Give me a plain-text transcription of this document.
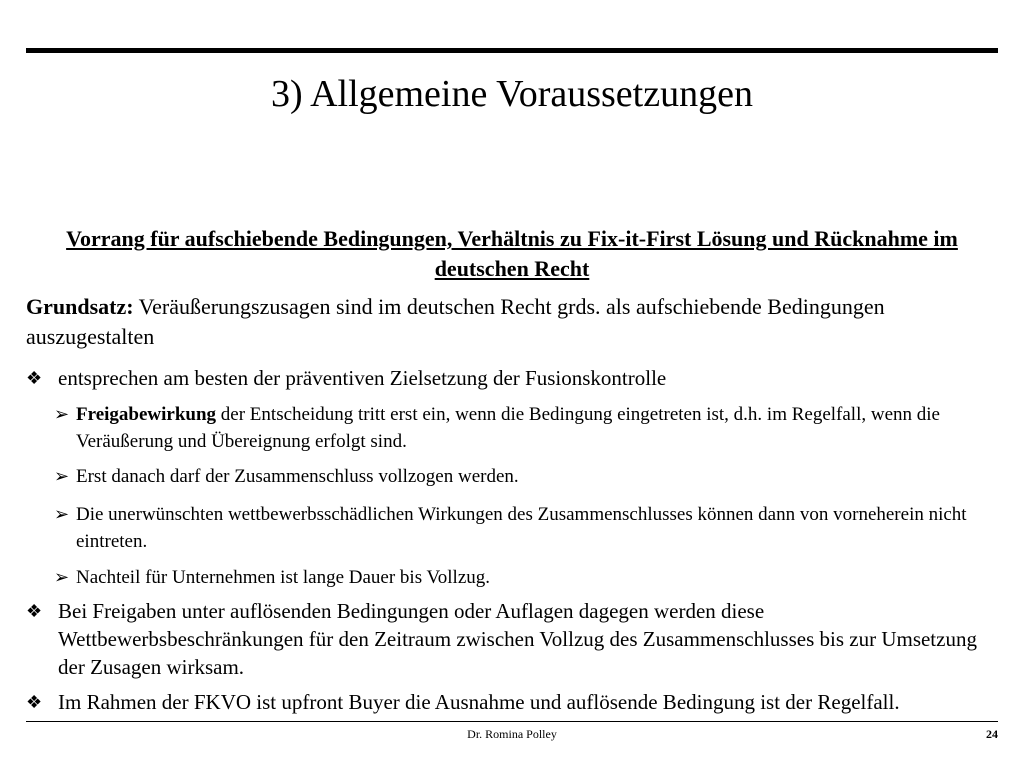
3) Allgemeine Voraussetzungen
Vorrang für aufschiebende Bedingungen, Verhältnis zu Fix-it-First Lösung und Rücknahme im deutschen Recht
Grundsatz: Veräußerungszusagen sind im deutschen Recht grds. als aufschiebende Bedingungen auszugestalten
❖ entsprechen am besten der präventiven Zielsetzung der Fusionskontrolle
➢ Freigabewirkung der Entscheidung tritt erst ein, wenn die Bedingung eingetreten ist, d.h. im Regelfall, wenn die Veräußerung und Übereignung erfolgt sind.
➢ Erst danach darf der Zusammenschluss vollzogen werden.
➢ Die unerwünschten wettbewerbsschädlichen Wirkungen des Zusammenschlusses können dann von vorneherein nicht eintreten.
➢ Nachteil für Unternehmen ist lange Dauer bis Vollzug.
❖ Bei Freigaben unter auflösenden Bedingungen oder Auflagen dagegen werden diese Wettbewerbsbeschränkungen für den Zeitraum zwischen Vollzug des Zusammenschlusses bis zur Umsetzung der Zusagen wirksam.
❖ Im Rahmen der FKVO ist upfront Buyer die Ausnahme und auflösende Bedingung ist der Regelfall.
Dr. Romina Polley	24
